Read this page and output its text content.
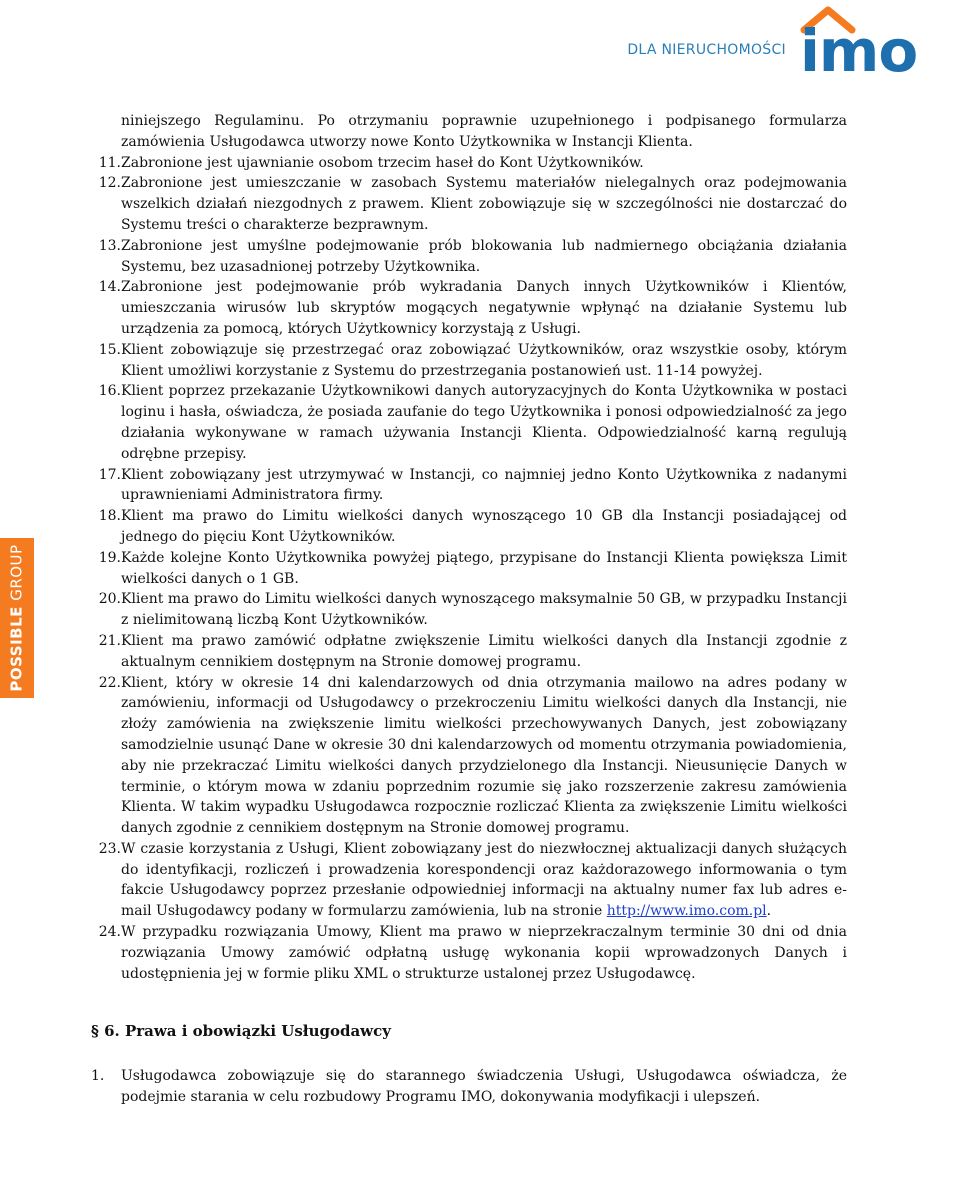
DLA NIERUCHOMOŚCI imo
POSSIBLE GROUP

niniejszego Regulaminu. Po otrzymaniu poprawnie uzupełnionego i podpisanego formularza zamówienia Usługodawca utworzy nowe Konto Użytkownika w Instancji Klienta.

11. Zabronione jest ujawnianie osobom trzecim haseł do Kont Użytkowników.
12. Zabronione jest umieszczanie w zasobach Systemu materiałów nielegalnych oraz podejmowania wszelkich działań niezgodnych z prawem. Klient zobowiązuje się w szczególności nie dostarczać do Systemu treści o charakterze bezprawnym.
13. Zabronione jest umyślne podejmowanie prób blokowania lub nadmiernego obciążania działania Systemu, bez uzasadnionej potrzeby Użytkownika.
14. Zabronione jest podejmowanie prób wykradania Danych innych Użytkowników i Klientów, umieszczania wirusów lub skryptów mogących negatywnie wpłynąć na działanie Systemu lub urządzenia za pomocą, których Użytkownicy korzystają z Usługi.
15. Klient zobowiązuje się przestrzegać oraz zobowiązać Użytkowników, oraz wszystkie osoby, którym Klient umożliwi korzystanie z Systemu do przestrzegania postanowień ust. 11-14 powyżej.
16. Klient poprzez przekazanie Użytkownikowi danych autoryzacyjnych do Konta Użytkownika w postaci loginu i hasła, oświadcza, że posiada zaufanie do tego Użytkownika i ponosi odpowiedzialność za jego działania wykonywane w ramach używania Instancji Klienta. Odpowiedzialność karną regulują odrębne przepisy.
17. Klient zobowiązany jest utrzymywać w Instancji, co najmniej jedno Konto Użytkownika z nadanymi uprawnieniami Administratora firmy.
18. Klient ma prawo do Limitu wielkości danych wynoszącego 10 GB dla Instancji posiadającej od jednego do pięciu Kont Użytkowników.
19. Każde kolejne Konto Użytkownika powyżej piątego, przypisane do Instancji Klienta powiększa Limit wielkości danych o 1 GB.
20. Klient ma prawo do Limitu wielkości danych wynoszącego maksymalnie 50 GB, w przypadku Instancji z nielimitowaną liczbą Kont Użytkowników.
21. Klient ma prawo zamówić odpłatne zwiększenie Limitu wielkości danych dla Instancji zgodnie z aktualnym cennikiem dostępnym na Stronie domowej programu.
22. Klient, który w okresie 14 dni kalendarzowych od dnia otrzymania mailowo na adres podany w zamówieniu, informacji od Usługodawcy o przekroczeniu Limitu wielkości danych dla Instancji, nie złoży zamówienia na zwiększenie limitu wielkości przechowywanych Danych, jest zobowiązany samodzielnie usunąć Dane w okresie 30 dni kalendarzowych od momentu otrzymania powiadomienia, aby nie przekraczać Limitu wielkości danych przydzielonego dla Instancji. Nieusunięcie Danych w terminie, o którym mowa w zdaniu poprzednim rozumie się jako rozszerzenie zakresu zamówienia Klienta. W takim wypadku Usługodawca rozpocznie rozliczać Klienta za zwiększenie Limitu wielkości danych zgodnie z cennikiem dostępnym na Stronie domowej programu.
23. W czasie korzystania z Usługi, Klient zobowiązany jest do niezwłocznej aktualizacji danych służących do identyfikacji, rozliczeń i prowadzenia korespondencji oraz każdorazowego informowania o tym fakcie Usługodawcy poprzez przesłanie odpowiedniej informacji na aktualny numer fax lub adres e-mail Usługodawcy podany w formularzu zamówienia, lub na stronie http://www.imo.com.pl.
24. W przypadku rozwiązania Umowy, Klient ma prawo w nieprzekraczalnym terminie 30 dni od dnia rozwiązania Umowy zamówić odpłatną usługę wykonania kopii wprowadzonych Danych i udostępnienia jej w formie pliku XML o strukturze ustalonej przez Usługodawcę.
§ 6. Prawa i obowiązki Usługodawcy
1.	Usługodawca zobowiązuje się do starannego świadczenia Usługi, Usługodawca oświadcza, że podejmie starania w celu rozbudowy Programu IMO, dokonywania modyfikacji i ulepszeń.
